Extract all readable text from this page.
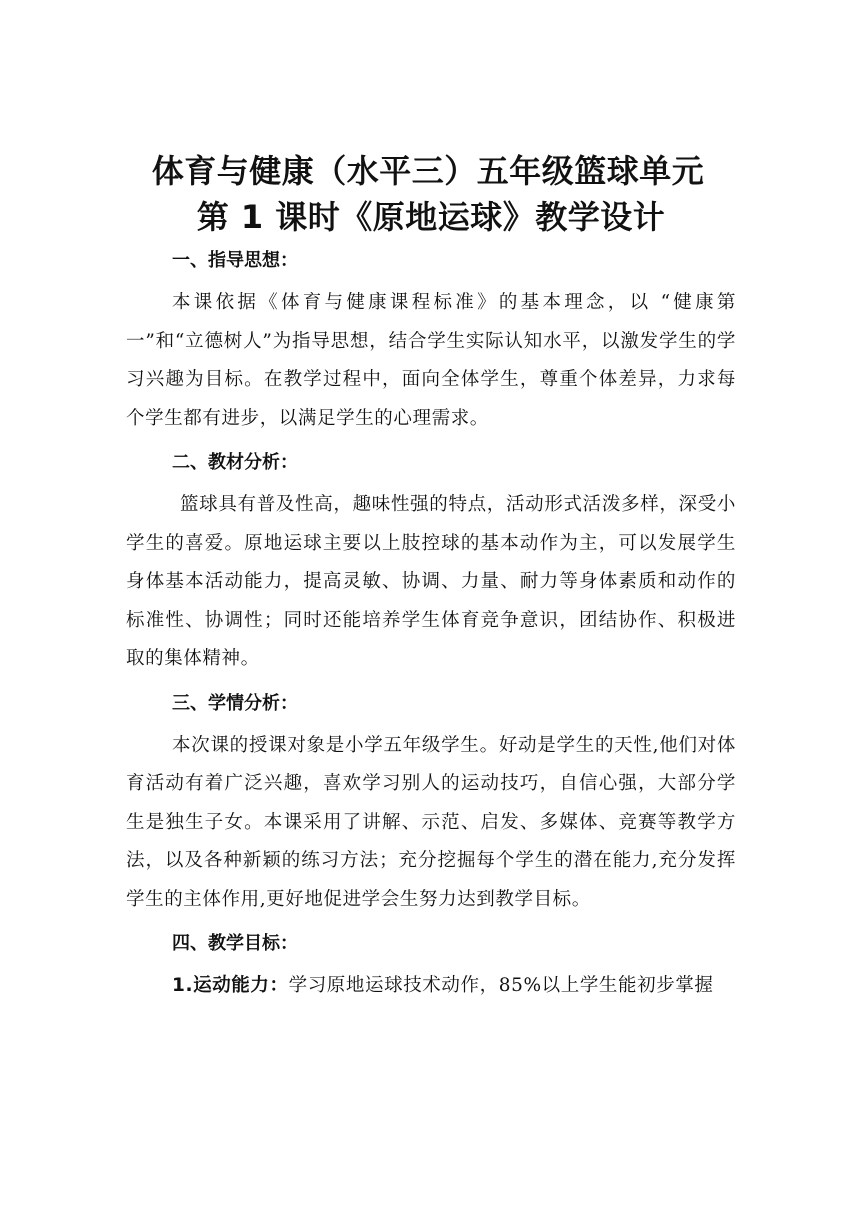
体育与健康（水平三）五年级篮球单元
第 1 课时《原地运球》教学设计
一、指导思想：

本课依据《体育与健康课程标准》的基本理念，以 “健康第一”和“立德树人”为指导思想，结合学生实际认知水平，以激发学生的学习兴趣为目标。在教学过程中，面向全体学生，尊重个体差异，力求每个学生都有进步，以满足学生的心理需求。

二、教材分析：

篮球具有普及性高，趣味性强的特点，活动形式活泼多样，深受小学生的喜爱。原地运球主要以上肢控球的基本动作为主，可以发展学生身体基本活动能力，提高灵敏、协调、力量、耐力等身体素质和动作的标准性、协调性；同时还能培养学生体育竞争意识，团结协作、积极进取的集体精神。

三、学情分析：

本次课的授课对象是小学五年级学生。好动是学生的天性,他们对体育活动有着广泛兴趣，喜欢学习别人的运动技巧，自信心强，大部分学生是独生子女。本课采用了讲解、示范、启发、多媒体、竞赛等教学方法，以及各种新颖的练习方法；充分挖掘每个学生的潜在能力,充分发挥学生的主体作用,更好地促进学会生努力达到教学目标。

四、教学目标：

1.运动能力：学习原地运球技术动作，85%以上学生能初步掌握
